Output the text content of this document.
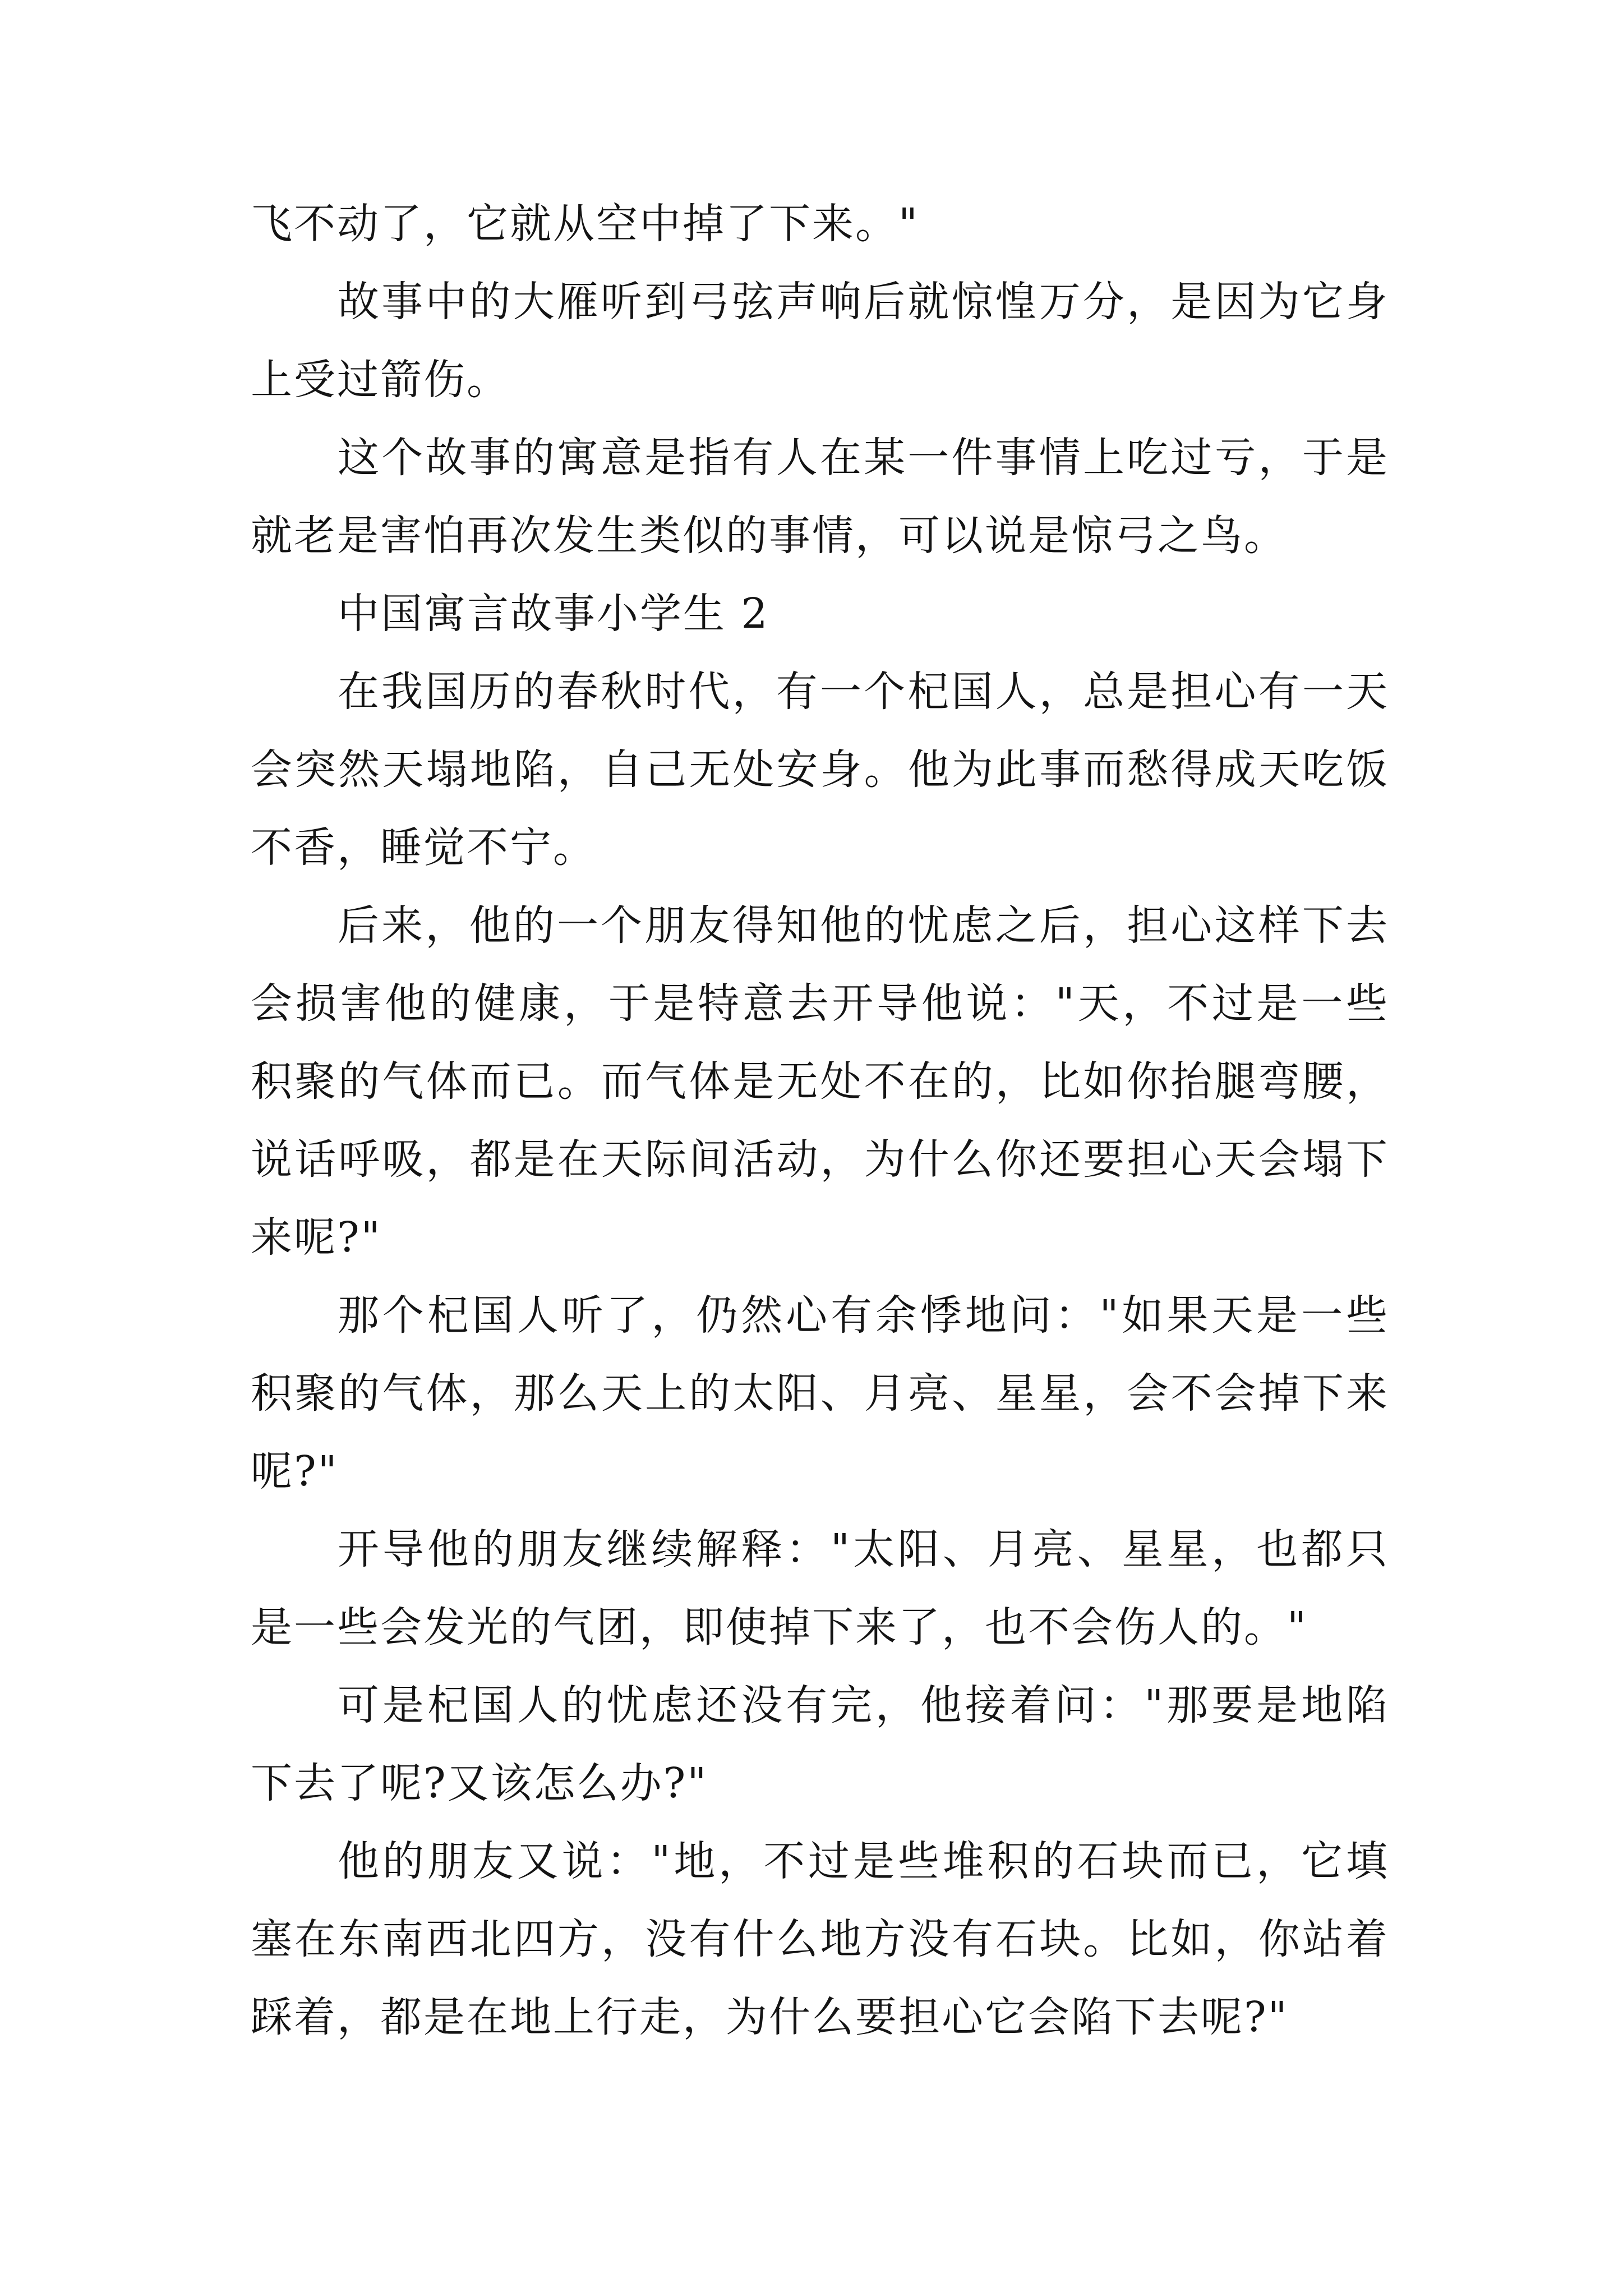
飞不动了，它就从空中掉了下来。"

故事中的大雁听到弓弦声响后就惊惶万分，是因为它身上受过箭伤。

这个故事的寓意是指有人在某一件事情上吃过亏，于是就老是害怕再次发生类似的事情，可以说是惊弓之鸟。

中国寓言故事小学生 2

在我国历的春秋时代，有一个杞国人，总是担心有一天会突然天塌地陷，自己无处安身。他为此事而愁得成天吃饭不香，睡觉不宁。

后来，他的一个朋友得知他的忧虑之后，担心这样下去会损害他的健康，于是特意去开导他说："天，不过是一些积聚的气体而已。而气体是无处不在的，比如你抬腿弯腰，说话呼吸，都是在天际间活动，为什么你还要担心天会塌下来呢?"

那个杞国人听了，仍然心有余悸地问："如果天是一些积聚的气体，那么天上的太阳、月亮、星星，会不会掉下来呢?"

开导他的朋友继续解释："太阳、月亮、星星，也都只是一些会发光的气团，即使掉下来了，也不会伤人的。"

可是杞国人的忧虑还没有完，他接着问："那要是地陷下去了呢?又该怎么办?"

他的朋友又说："地，不过是些堆积的石块而已，它填塞在东南西北四方，没有什么地方没有石块。比如，你站着踩着，都是在地上行走，为什么要担心它会陷下去呢?"
